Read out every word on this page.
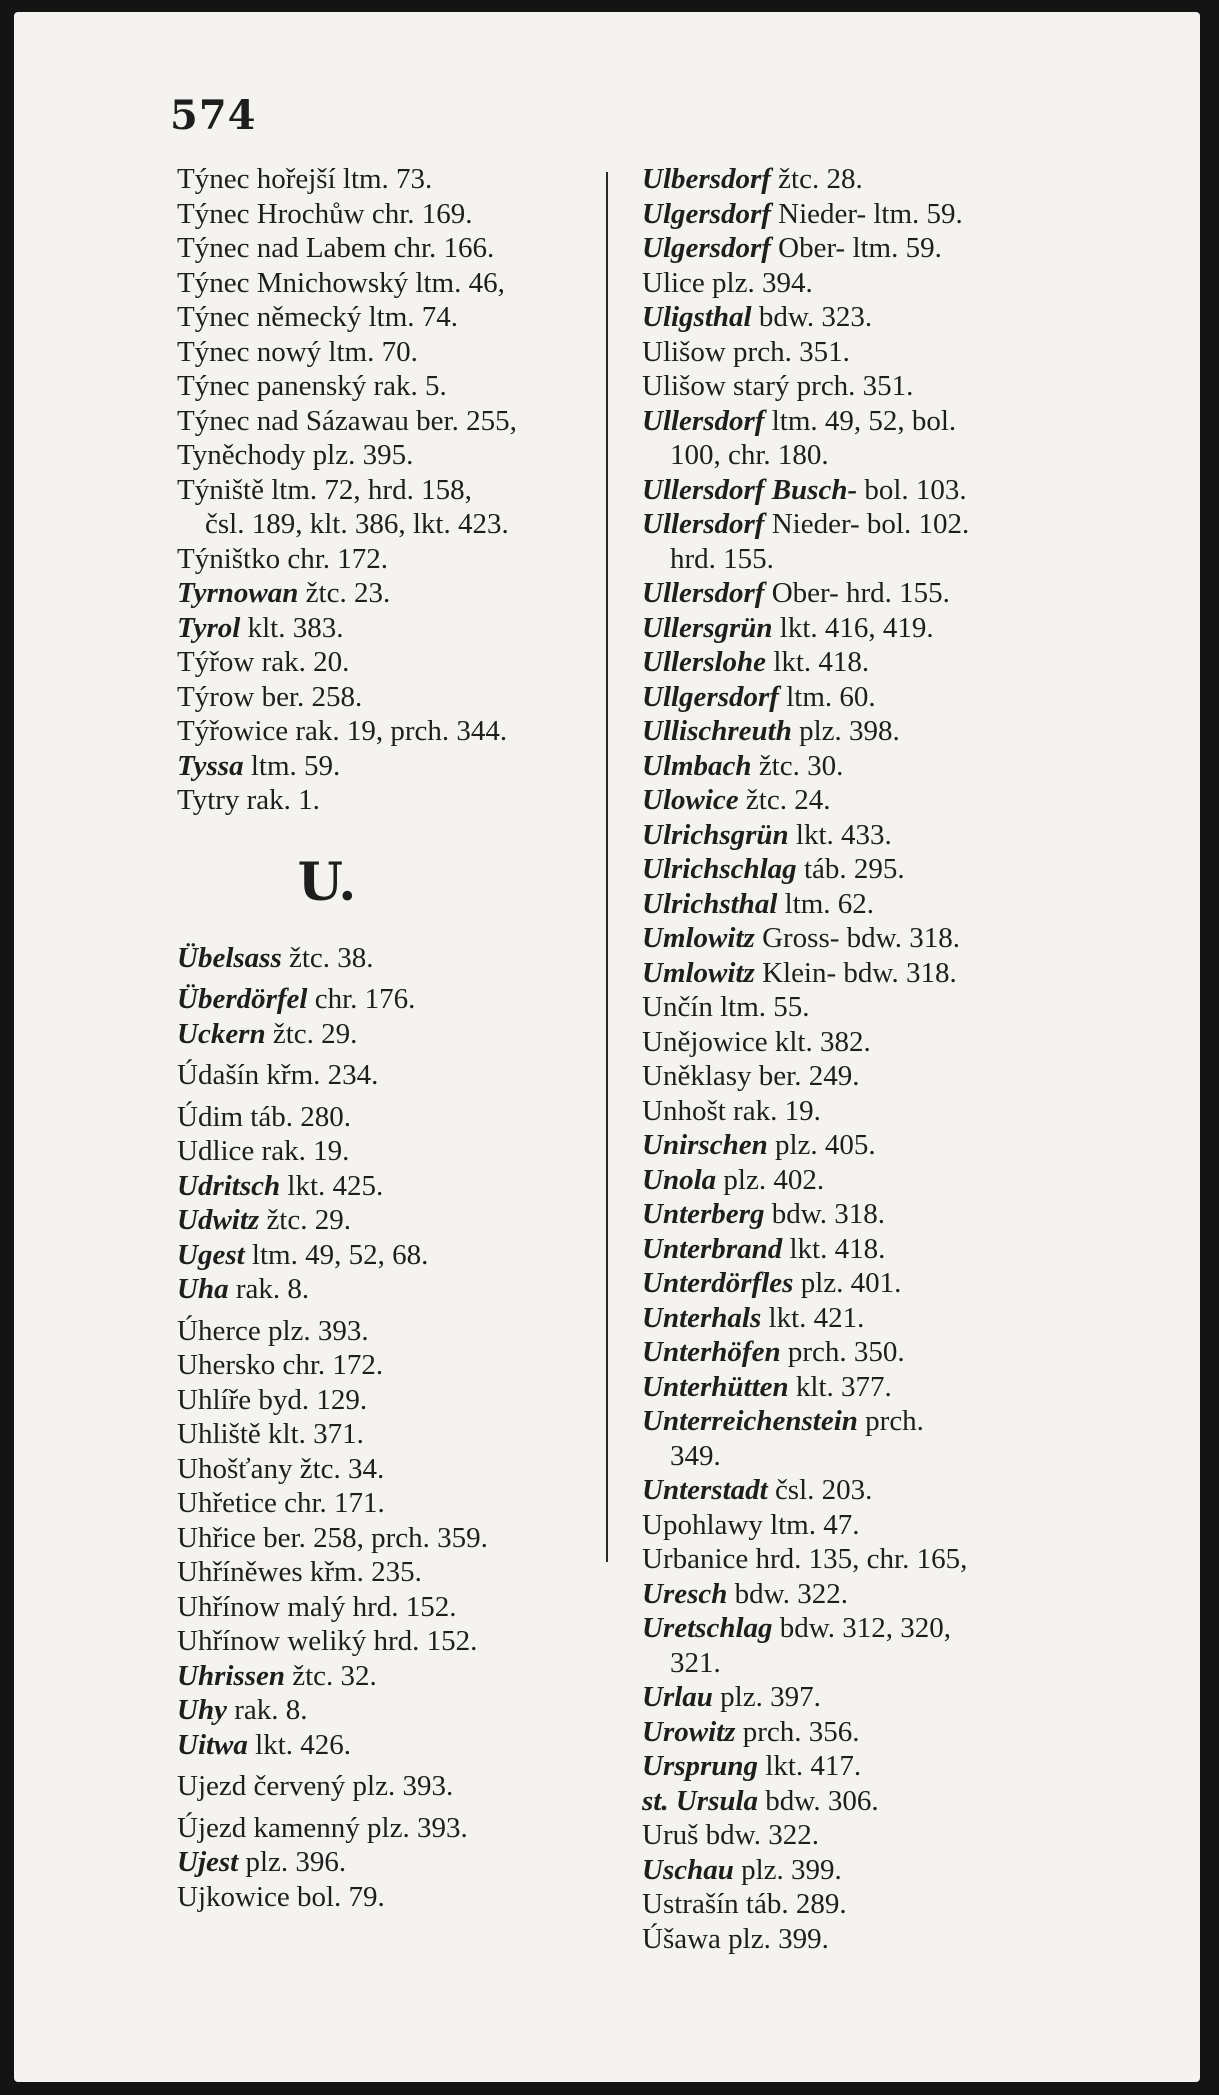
574
Týnec hořejší ltm. 73.
Týnec Hrochůw chr. 169.
Týnec nad Labem chr. 166.
Týnec Mnichowský ltm. 46,
Týnec německý ltm. 74.
Týnec nowý ltm. 70.
Týnec panenský rak. 5.
Týnec nad Sázawau ber. 255,
Tyněchody plz. 395.
Týniště ltm. 72, hrd. 158,
čsl. 189, klt. 386, lkt. 423.
Týništko chr. 172.
Tyrnowan žtc. 23.
Tyrol klt. 383.
Týřow rak. 20.
Týrow ber. 258.
Týřowice rak. 19, prch. 344.
Tyssa ltm. 59.
Tytry rak. 1.
U.
Übelsass žtc. 38.
Überdörfel chr. 176.
Uckern žtc. 29.
Údašín křm. 234.
Údim táb. 280.
Udlice rak. 19.
Udritsch lkt. 425.
Udwitz žtc. 29.
Ugest ltm. 49, 52, 68.
Uha rak. 8.
Úherce plz. 393.
Uhersko chr. 172.
Uhlíře byd. 129.
Uhliště klt. 371.
Uhošťany žtc. 34.
Uhřetice chr. 171.
Uhřice ber. 258, prch. 359.
Uhříněwes křm. 235.
Uhřínow malý hrd. 152.
Uhřínow weliký hrd. 152.
Uhrissen žtc. 32.
Uhy rak. 8.
Uitwa lkt. 426.
Ujezd červený plz. 393.
Újezd kamenný plz. 393.
Ujest plz. 396.
Ujkowice bol. 79.
Ulbersdorf žtc. 28.
Ulgersdorf Nieder- ltm. 59.
Ulgersdorf Ober- ltm. 59.
Ulice plz. 394.
Uligsthal bdw. 323.
Ulišow prch. 351.
Ulišow starý prch. 351.
Ullersdorf ltm. 49, 52, bol.
100, chr. 180.
Ullersdorf Busch- bol. 103.
Ullersdorf Nieder- bol. 102.
hrd. 155.
Ullersdorf Ober- hrd. 155.
Ullersgrün lkt. 416, 419.
Ullerslohe lkt. 418.
Ullgersdorf ltm. 60.
Ullischreuth plz. 398.
Ulmbach žtc. 30.
Ulowice žtc. 24.
Ulrichsgrün lkt. 433.
Ulrichschlag táb. 295.
Ulrichsthal ltm. 62.
Umlowitz Gross- bdw. 318.
Umlowitz Klein- bdw. 318.
Unčín ltm. 55.
Unějowice klt. 382.
Uněklasy ber. 249.
Unhošt rak. 19.
Unirschen plz. 405.
Unola plz. 402.
Unterberg bdw. 318.
Unterbrand lkt. 418.
Unterdörfles plz. 401.
Unterhals lkt. 421.
Unterhöfen prch. 350.
Unterhütten klt. 377.
Unterreichenstein prch.
349.
Unterstadt čsl. 203.
Upohlawy ltm. 47.
Urbanice hrd. 135, chr. 165,
Uresch bdw. 322.
Uretschlag bdw. 312, 320,
321.
Urlau plz. 397.
Urowitz prch. 356.
Ursprung lkt. 417.
st. Ursula bdw. 306.
Uruš bdw. 322.
Uschau plz. 399.
Ustrašín táb. 289.
Úšawa plz. 399.
